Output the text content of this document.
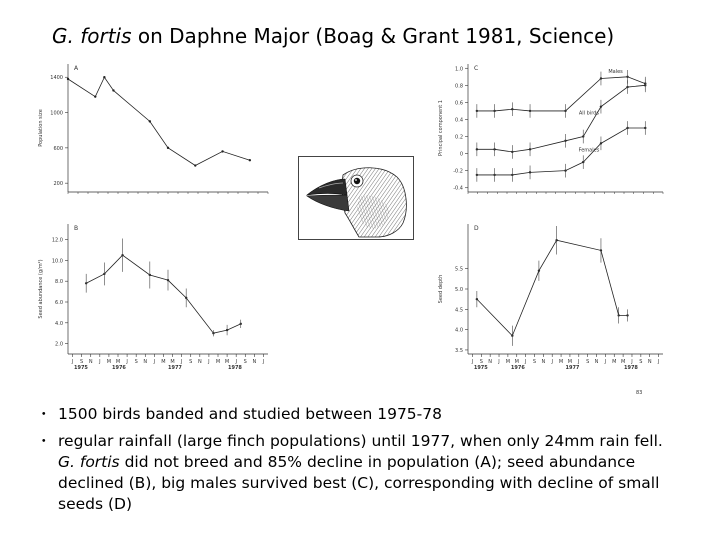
G. fortis on Daphne Major (Boag & Grant 1981, Science)
A
Population size
1400
1000
600
200
B
Seed abundance (g/m²)
12.0
10.0
8.0
6.0
4.0
2.0
J S N J M M J S N J M M J S N J M M J S N J
1975	1976	1977	1978
C
Principal component 1
1.0
0.8
0.6
0.4
0.2
0
-0.2
-0.4
Males
All birds
Females
D
Seed depth
5.5
5.0
4.5
4.0
3.5
J S N J M M J S N J M M J S N J M M J S N J
1975	1976	1977	1978
83
・ 1500 birds banded and studied between 1975-78
・ regular rainfall (large finch populations) until 1977, when only 24mm rain fell. G. fortis did not breed and 85% decline in population (A); seed abundance declined (B), big males survived best (C), corresponding with decline of small seeds (D)
